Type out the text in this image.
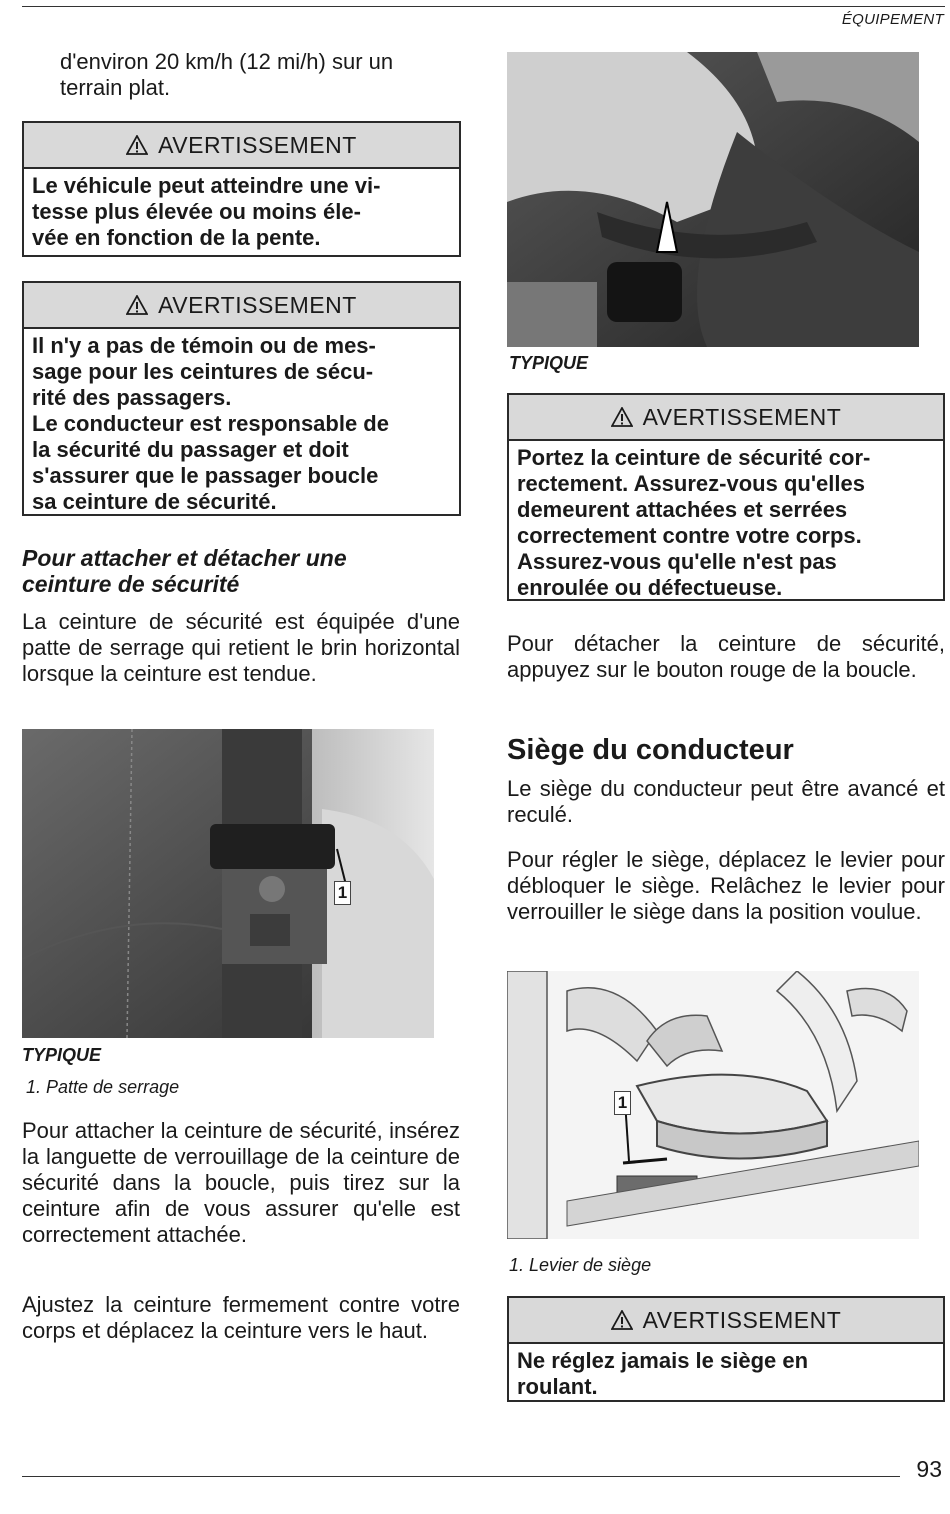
ÉQUIPEMENT

d'environ 20 km/h (12 mi/h) sur un terrain plat.

AVERTISSEMENT

Le véhicule peut atteindre une vi-

tesse plus élevée ou moins éle-

vée en fonction de la pente.

AVERTISSEMENT

Il n'y a pas de témoin ou de mes-

sage pour les ceintures de sécu-

rité des passagers.

Le conducteur est responsable de

la sécurité du passager et doit

s'assurer que le passager boucle

sa ceinture de sécurité.

Pour attacher et détacher une ceinture de sécurité

La ceinture de sécurité est équipée d'une patte de serrage qui retient le brin horizontal lorsque la ceinture est tendue.

1
TYPIQUE
1. Patte de serrage

Pour attacher la ceinture de sécurité, insérez la languette de verrouillage de la ceinture de sécurité dans la boucle, puis tirez sur la ceinture afin de vous assurer qu'elle est correctement attachée.

Ajustez la ceinture fermement contre votre corps et déplacez la ceinture vers le haut.

TYPIQUE
AVERTISSEMENT

Portez la ceinture de sécurité cor-

rectement. Assurez-vous qu'elles

demeurent attachées et serrées

correctement contre votre corps.

Assurez-vous qu'elle n'est pas

enroulée ou défectueuse.

Pour détacher la ceinture de sécurité, appuyez sur le bouton rouge de la boucle.

Siège du conducteur

Le siège du conducteur peut être avancé et reculé.

Pour régler le siège, déplacez le levier pour débloquer le siège. Relâchez le levier pour verrouiller le siège dans la position voulue.

1
1. Levier de siège
AVERTISSEMENT

Ne réglez jamais le siège en

roulant.

93
